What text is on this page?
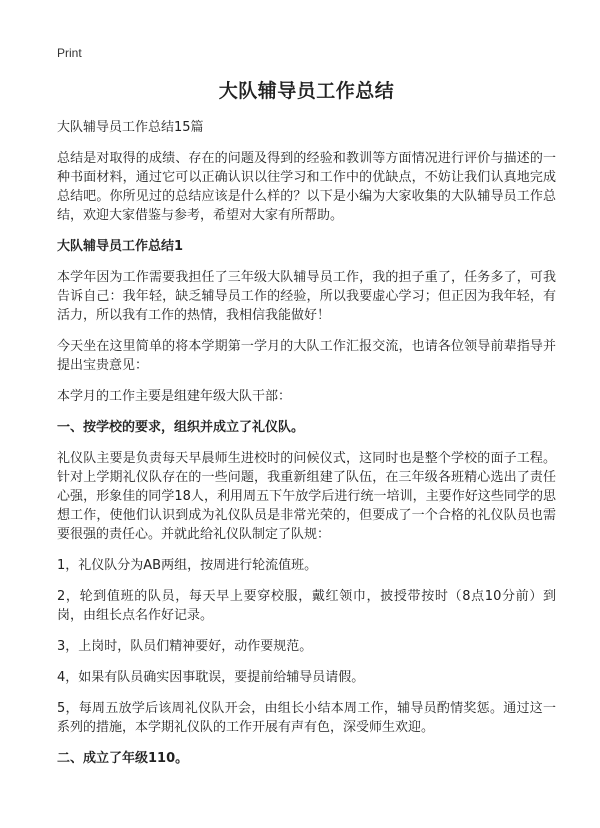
Print
大队辅导员工作总结
大队辅导员工作总结15篇
总结是对取得的成绩、存在的问题及得到的经验和教训等方面情况进行评价与描述的一种书面材料，通过它可以正确认识以往学习和工作中的优缺点，不妨让我们认真地完成总结吧。你所见过的总结应该是什么样的？以下是小编为大家收集的大队辅导员工作总结，欢迎大家借鉴与参考，希望对大家有所帮助。
大队辅导员工作总结1
本学年因为工作需要我担任了三年级大队辅导员工作，我的担子重了，任务多了，可我告诉自己：我年轻，缺乏辅导员工作的经验，所以我要虚心学习；但正因为我年轻，有活力，所以我有工作的热情，我相信我能做好！
今天坐在这里简单的将本学期第一学月的大队工作汇报交流，也请各位领导前辈指导并提出宝贵意见：
本学月的工作主要是组建年级大队干部：
一、按学校的要求，组织并成立了礼仪队。
礼仪队主要是负责每天早晨师生进校时的问候仪式，这同时也是整个学校的面子工程。针对上学期礼仪队存在的一些问题，我重新组建了队伍，在三年级各班精心选出了责任心强，形象佳的同学18人，利用周五下午放学后进行统一培训，主要作好这些同学的思想工作，使他们认识到成为礼仪队员是非常光荣的，但要成了一个合格的礼仪队员也需要很强的责任心。并就此给礼仪队制定了队规：
1，礼仪队分为AB两组，按周进行轮流值班。
2，轮到值班的队员，每天早上要穿校服，戴红领巾，披授带按时（8点10分前）到岗，由组长点名作好记录。
3，上岗时，队员们精神要好，动作要规范。
4，如果有队员确实因事耽误，要提前给辅导员请假。
5，每周五放学后该周礼仪队开会，由组长小结本周工作，辅导员酌情奖惩。通过这一系列的措施，本学期礼仪队的工作开展有声有色，深受师生欢迎。
二、成立了年级110。
